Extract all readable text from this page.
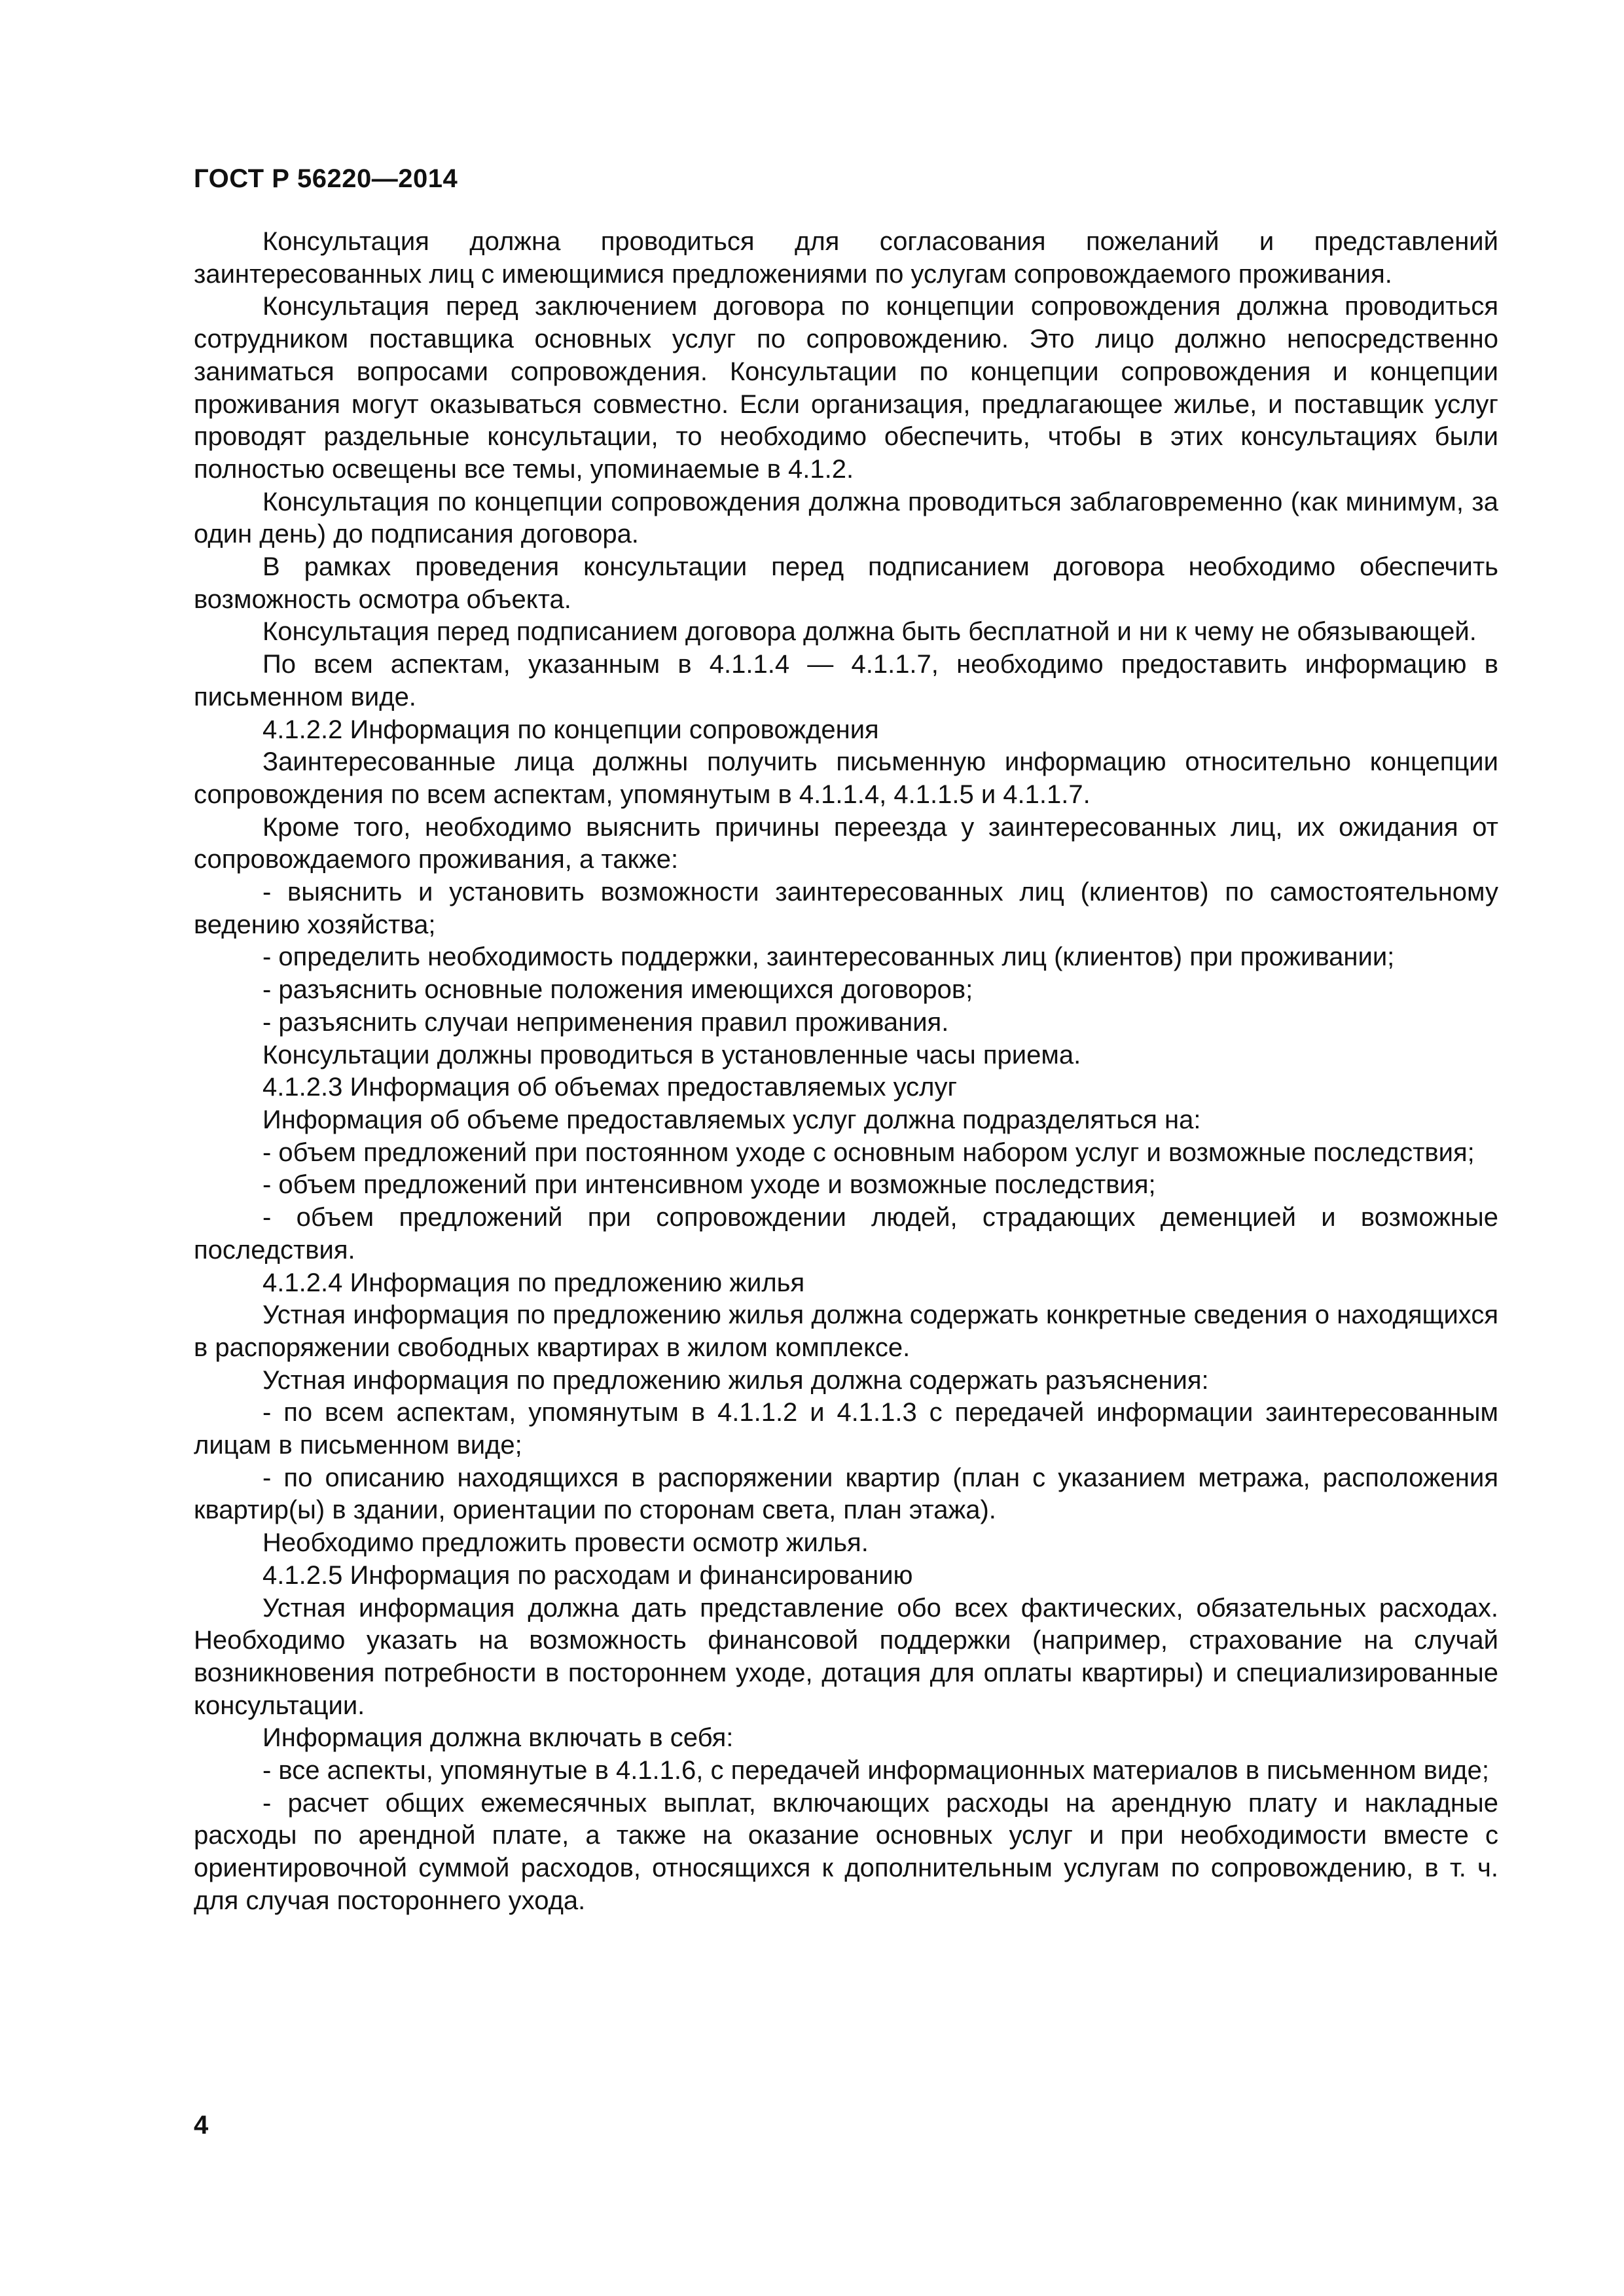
ГОСТ Р 56220—2014

Консультация должна проводиться для согласования пожеланий и представлений заинтересованных лиц с имеющимися предложениями по услугам сопровождаемого проживания.

Консультация перед заключением договора по концепции сопровождения должна проводиться сотрудником поставщика основных услуг по сопровождению. Это лицо должно непосредственно заниматься вопросами сопровождения. Консультации по концепции сопровождения и концепции проживания могут оказываться совместно. Если организация, предлагающее жилье, и поставщик услуг проводят раздельные консультации, то необходимо обеспечить, чтобы в этих консультациях были полностью освещены все темы, упоминаемые в 4.1.2.

Консультация по концепции сопровождения должна проводиться заблаговременно (как минимум, за один день) до подписания договора.

В рамках проведения консультации перед подписанием договора необходимо обеспечить возможность осмотра объекта.

Консультация перед подписанием договора должна быть бесплатной и ни к чему не обязывающей.

По всем аспектам, указанным в 4.1.1.4 — 4.1.1.7, необходимо предоставить информацию в письменном виде.

4.1.2.2 Информация по концепции сопровождения

Заинтересованные лица должны получить письменную информацию относительно концепции сопровождения по всем аспектам, упомянутым в 4.1.1.4, 4.1.1.5 и 4.1.1.7.

Кроме того, необходимо выяснить причины переезда у заинтересованных лиц, их ожидания от сопровождаемого проживания, а также:

- выяснить и установить возможности заинтересованных лиц (клиентов) по самостоятельному ведению хозяйства;

- определить необходимость поддержки, заинтересованных лиц (клиентов) при проживании;

- разъяснить основные положения имеющихся договоров;

- разъяснить случаи неприменения правил проживания.

Консультации должны проводиться в установленные часы приема.

4.1.2.3 Информация об объемах предоставляемых услуг

Информация об объеме предоставляемых услуг должна подразделяться на:

- объем предложений при постоянном уходе с основным набором услуг и возможные последствия;

- объем предложений при интенсивном уходе и возможные последствия;

- объем предложений при сопровождении людей, страдающих деменцией и возможные последствия.

4.1.2.4 Информация по предложению жилья

Устная информация по предложению жилья должна содержать конкретные сведения о находящихся в распоряжении свободных квартирах в жилом комплексе.

Устная информация по предложению жилья должна содержать разъяснения:

- по всем аспектам, упомянутым в 4.1.1.2 и 4.1.1.3 с передачей информации заинтересованным лицам в письменном виде;

- по описанию находящихся в распоряжении квартир (план с указанием метража, расположения квартир(ы) в здании, ориентации по сторонам света, план этажа).

Необходимо предложить провести осмотр жилья.

4.1.2.5 Информация по расходам и финансированию

Устная информация должна дать представление обо всех фактических, обязательных расходах. Необходимо указать на возможность финансовой поддержки (например, страхование на случай возникновения потребности в постороннем уходе, дотация для оплаты квартиры) и специализированные консультации.

Информация должна включать в себя:

- все аспекты, упомянутые в 4.1.1.6, с передачей информационных материалов в письменном виде;

- расчет общих ежемесячных выплат, включающих расходы на арендную плату и накладные расходы по арендной плате, а также на оказание основных услуг и при необходимости вместе с ориентировочной суммой расходов, относящихся к дополнительным услугам по сопровождению, в т. ч. для случая постороннего ухода.

4
